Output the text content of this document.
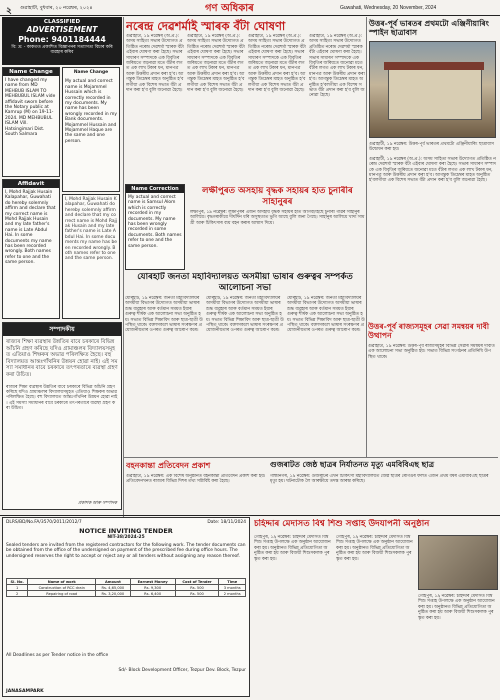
২ গুৱাহাটী, বুধবাৰ, ২০ নৱেম্বৰ, ২০২৪	গণ অধিকাৰ	Guwahati, Wednesday, 20 November, 2024
CLASSIFIED
ADVERTISEMENT
Phone: 9401184444
বি: দ্ৰ: - কাকতত প্ৰকাশিত বিজ্ঞাপনৰ সত্যাসত্য বিচাৰ কৰি ব্যৱহাৰ কৰিব
Name Change
I have changed my name from MD MEHBUB ISLAM TO MEHBUBUL ISLAM vide affidavit sworn before the Notary public at Kamrup (M) on 19-11-2024. MD MEHBUBUL ISLAM Vill. Hatsingimari Dist. South Salmara
Name Change
My actual and correct name is Mojammel Hussain which is correctly recorded in my documents. My name has been wrongly recorded in my Bank documents. Mojammel Hussain and Mojammel Haque are the same and one person.
Affidavit
I, Mohd Rajjak Husain Kalapahar, Guwahati do hereby solemnly affirm and declare that my correct name is Mohd Rajjak Husain and my late father's name is Late Abdul Hai. In some documents my name has been recorded wrongly. Both names refer to one and the same person.
I, Mohd Rajjak Husain Kalapahar, Guwahati do hereby solemnly affirm and declare that my correct name is Mohd Rajjak Husain and my late father's name is Late Abdul Hai. In some documents my name has been recorded wrongly. Both names refer to one and the same person.
সম্পাদকীয়
ৰাজ্যৰ শিক্ষা ব্যৱস্থাৰ উন্নতিৰ বাবে চৰকাৰে বিভিন্ন আঁচনি গ্ৰহণ কৰিছে যদিও গ্ৰামাঞ্চলৰ বিদ্যালয়সমূহত এতিয়াও শিক্ষকৰ অভাৱ পৰিলক্ষিত হৈছে। বহু বিদ্যালয়ত আন্তঃগাঁথনিৰ উন্নয়ন হোৱা নাই। এই সমস্যা সমাধানৰ বাবে চৰকাৰে তৎপৰতাৰে ব্যৱস্থা গ্ৰহণ কৰা উচিত।
ৰাজ্যৰ শিক্ষা ব্যৱস্থাৰ উন্নতিৰ বাবে চৰকাৰে বিভিন্ন আঁচনি গ্ৰহণ কৰিছে যদিও গ্ৰামাঞ্চলৰ বিদ্যালয়সমূহত এতিয়াও শিক্ষকৰ অভাৱ পৰিলক্ষিত হৈছে। বহু বিদ্যালয়ত আন্তঃগাঁথনিৰ উন্নয়ন হোৱা নাই। এই সমস্যা সমাধানৰ বাবে চৰকাৰে তৎপৰতাৰে ব্যৱস্থা গ্ৰহণ কৰা উচিত।
প্ৰকাশক আৰু সম্পাদক
নৰেন্দ্ৰ দেৱশৰ্মাই স্মাৰক বঁটা ঘোষণা
গুৱাহাটী, ১৯ নৱেম্বৰ (অ.প্ৰ.): অসম সাহিত্য সভাৰ উদ্যোগত প্ৰতিষ্ঠিত নৰেন্দ্ৰ দেৱশৰ্মা স্মাৰক বঁটা এইবাৰ ঘোষণা কৰা হৈছে। সভাৰ সাধাৰণ সম্পাদকে এক বিবৃতিৰ জৰিয়তে জনোৱা মতে বঁটাৰ লগত এক লাখ টকাৰ ধন, মানপত্ৰ আৰু উত্তৰীয় প্ৰদান কৰা হ'ব। আগন্তুক ডিচেম্বৰ মাহত অনুষ্ঠিত হ'বলগীয়া এক বিশেষ সভাত বঁটা প্ৰদান কৰা হ'ব বুলি জনোৱা হৈছে।
গুৱাহাটী, ১৯ নৱেম্বৰ (অ.প্ৰ.): অসম সাহিত্য সভাৰ উদ্যোগত প্ৰতিষ্ঠিত নৰেন্দ্ৰ দেৱশৰ্মা স্মাৰক বঁটা এইবাৰ ঘোষণা কৰা হৈছে। সভাৰ সাধাৰণ সম্পাদকে এক বিবৃতিৰ জৰিয়তে জনোৱা মতে বঁটাৰ লগত এক লাখ টকাৰ ধন, মানপত্ৰ আৰু উত্তৰীয় প্ৰদান কৰা হ'ব। আগন্তুক ডিচেম্বৰ মাহত অনুষ্ঠিত হ'বলগীয়া এক বিশেষ সভাত বঁটা প্ৰদান কৰা হ'ব বুলি জনোৱা হৈছে।
গুৱাহাটী, ১৯ নৱেম্বৰ (অ.প্ৰ.): অসম সাহিত্য সভাৰ উদ্যোগত প্ৰতিষ্ঠিত নৰেন্দ্ৰ দেৱশৰ্মা স্মাৰক বঁটা এইবাৰ ঘোষণা কৰা হৈছে। সভাৰ সাধাৰণ সম্পাদকে এক বিবৃতিৰ জৰিয়তে জনোৱা মতে বঁটাৰ লগত এক লাখ টকাৰ ধন, মানপত্ৰ আৰু উত্তৰীয় প্ৰদান কৰা হ'ব। আগন্তুক ডিচেম্বৰ মাহত অনুষ্ঠিত হ'বলগীয়া এক বিশেষ সভাত বঁটা প্ৰদান কৰা হ'ব বুলি জনোৱা হৈছে।
গুৱাহাটী, ১৯ নৱেম্বৰ (অ.প্ৰ.): অসম সাহিত্য সভাৰ উদ্যোগত প্ৰতিষ্ঠিত নৰেন্দ্ৰ দেৱশৰ্মা স্মাৰক বঁটা এইবাৰ ঘোষণা কৰা হৈছে। সভাৰ সাধাৰণ সম্পাদকে এক বিবৃতিৰ জৰিয়তে জনোৱা মতে বঁটাৰ লগত এক লাখ টকাৰ ধন, মানপত্ৰ আৰু উত্তৰীয় প্ৰদান কৰা হ'ব। আগন্তুক ডিচেম্বৰ মাহত অনুষ্ঠিত হ'বলগীয়া এক বিশেষ সভাত বঁটা প্ৰদান কৰা হ'ব বুলি জনোৱা হৈছে।
উত্তৰ-পূৰ্ব ভাৰতৰ প্ৰথমটো এঞ্জিনীয়াৰিং স্পাইন ছাত্ৰাবাস
গুৱাহাটী, ১৯ নৱেম্বৰ: উত্তৰ-পূৰ্ব ভাৰতৰ প্ৰথমটো এঞ্জিনীয়াৰিং ছাত্ৰাবাস উদ্বোধন কৰা হয়।
গুৱাহাটী, ১৯ নৱেম্বৰ (অ.প্ৰ.): অসম সাহিত্য সভাৰ উদ্যোগত প্ৰতিষ্ঠিত নৰেন্দ্ৰ দেৱশৰ্মা স্মাৰক বঁটা এইবাৰ ঘোষণা কৰা হৈছে। সভাৰ সাধাৰণ সম্পাদকে এক বিবৃতিৰ জৰিয়তে জনোৱা মতে বঁটাৰ লগত এক লাখ টকাৰ ধন, মানপত্ৰ আৰু উত্তৰীয় প্ৰদান কৰা হ'ব। আগন্তুক ডিচেম্বৰ মাহত অনুষ্ঠিত হ'বলগীয়া এক বিশেষ সভাত বঁটা প্ৰদান কৰা হ'ব বুলি জনোৱা হৈছে।
Name Correction
My actual and correct name is Samsul Alom which is correctly recorded in my documents. My name has been wrongly recorded in some documents. Both names refer to one and the same person.
লক্ষীপুৰত অসহায় বৃদ্ধক সহায়ৰ হাত চুনাৰীৰ সাহানুৰৰ
লক্ষীপুৰ, ১৯ নৱেম্বৰ: লক্ষীপুৰৰ এজন অসহায় বৃদ্ধক সহায়ৰ হাত আগবঢ়াইছে চুনাৰী গাঁৱৰ সাহানুৰ আলিয়ে। বৃদ্ধগৰাকীয়ে দীৰ্ঘদিন ধৰি অসুস্থতাত ভুগি আছে বুলি জনা গৈছে। সাহানুৰ আলিয়ে খাদ্য সামগ্ৰী আৰু চিকিৎসাৰ ব্যয় বহন কৰাৰ আশ্বাস দিয়ে।
যোৰহাট জনতা মহাবিদ্যালয়ত অসমীয়া ভাষাৰ গুৰুত্বৰ সম্পৰ্কত আলোচনা সভা
যোৰহাট, ১৯ নৱেম্বৰ: জনতা মহাবিদ্যালয়ৰ অসমীয়া বিভাগৰ উদ্যোগত অসমীয়া ভাষাৰ শুদ্ধ ব্যৱহাৰ আৰু বৰ্তমান সময়ত ইয়াৰ গুৰুত্ব শীৰ্ষক এক আলোচনা সভা অনুষ্ঠিত হয়। সভাত বিভিন্ন শিক্ষাবিদ আৰু ছাত্ৰ-ছাত্ৰী উপস্থিত থাকে। বক্তাসকলে ভাষাৰ সংৰক্ষণৰ প্ৰয়োজনীয়তাৰ ওপৰত গুৰুত্ব আৰোপ কৰে।
যোৰহাট, ১৯ নৱেম্বৰ: জনতা মহাবিদ্যালয়ৰ অসমীয়া বিভাগৰ উদ্যোগত অসমীয়া ভাষাৰ শুদ্ধ ব্যৱহাৰ আৰু বৰ্তমান সময়ত ইয়াৰ গুৰুত্ব শীৰ্ষক এক আলোচনা সভা অনুষ্ঠিত হয়। সভাত বিভিন্ন শিক্ষাবিদ আৰু ছাত্ৰ-ছাত্ৰী উপস্থিত থাকে। বক্তাসকলে ভাষাৰ সংৰক্ষণৰ প্ৰয়োজনীয়তাৰ ওপৰত গুৰুত্ব আৰোপ কৰে।
যোৰহাট, ১৯ নৱেম্বৰ: জনতা মহাবিদ্যালয়ৰ অসমীয়া বিভাগৰ উদ্যোগত অসমীয়া ভাষাৰ শুদ্ধ ব্যৱহাৰ আৰু বৰ্তমান সময়ত ইয়াৰ গুৰুত্ব শীৰ্ষক এক আলোচনা সভা অনুষ্ঠিত হয়। সভাত বিভিন্ন শিক্ষাবিদ আৰু ছাত্ৰ-ছাত্ৰী উপস্থিত থাকে। বক্তাসকলে ভাষাৰ সংৰক্ষণৰ প্ৰয়োজনীয়তাৰ ওপৰত গুৰুত্ব আৰোপ কৰে। উত্তৰ-পূৰ্ব ৰাজ্যসমূহৰ সেৱা সমন্বয়ৰ দাবী উত্থাপন
গুৱাহাটী, ১৯ নৱেম্বৰ: উত্তৰ-পূৰ্ব ৰাজ্যসমূহৰ বিভিন্ন সেৱাৰ সমন্বয়ৰ দাবীত এক আলোচনা সভা অনুষ্ঠিত হয়। সভাত বিভিন্ন সংগঠনৰ প্ৰতিনিধি উপস্থিত থাকে।
বহনকান্তা প্ৰতিবেদন প্ৰকাশ
গুৱাহাটী, ১৯ নৱেম্বৰ: এক বিশেষ অনুষ্ঠানত বহনকান্তা প্ৰতিবেদন প্ৰকাশ কৰা হয়। প্ৰতিবেদনখনত ৰাজ্যৰ বিভিন্ন দিশৰ তথ্য সন্নিবিষ্ট কৰা হৈছে।
গুজৰাটত জেষ্ঠ ছাত্ৰৰ নিৰ্যাতনত মৃত্যু এমবিবিএছ ছাত্ৰ
গান্ধীনগৰ, ১৯ নৱেম্বৰ: গুজৰাটৰ এখন চিকিৎসা মহাবিদ্যালয়ত জেষ্ঠ ছাত্ৰৰ ৰেগিঙৰ ফলত এজন প্ৰথম বৰ্ষৰ এমবিবিএছ ছাত্ৰৰ মৃত্যু হয়। ঘটনাটোক লৈ আৰক্ষীয়ে তদন্ত আৰম্ভ কৰিছে।
DLRS/BD/No.FA/3570/2011/2012/7	Date: 18/11/2024
NOTICE INVITING TENDER
NIT-38/2024-25
Sealed tenders are invited from the registered contractors for the following work. The tender documents can be obtained from the office of the undersigned on payment of the prescribed fee during office hours. The undersigned reserves the right to accept or reject any or all tenders without assigning any reason thereof.
Sl. No.	Name of work	Amount	Earnest Money	Cost of Tender	Time
1	Construction of RCC drain	Rs. 4,65,000	Rs. 9,300	Rs. 500	3 months
2	Repairing of road	Rs. 3,20,000	Rs. 6,400	Rs. 500	2 months
All Deadlines as per Tender notice in the office
Sd/- Block Development Officer, Tezpur Dev. Block, Tezpur
JANASAMPARK
চহিদ্দাৰ মেদাসত বিশ্ব শিশু সপ্তাহ উদযাপনী অনুষ্ঠান
গোহপুৰ, ১৯ নৱেম্বৰ: চহিদ্দাৰ মেদাসত বিশ্ব শিশু সপ্তাহ উপলক্ষে এক অনুষ্ঠান আয়োজন কৰা হয়। অনুষ্ঠানত বিভিন্ন প্ৰতিযোগিতা অনুষ্ঠিত কৰা হয় আৰু বিজয়ী শিশুসকলক পুৰস্কৃত কৰা হয়।
গোহপুৰ, ১৯ নৱেম্বৰ: চহিদ্দাৰ মেদাসত বিশ্ব শিশু সপ্তাহ উপলক্ষে এক অনুষ্ঠান আয়োজন কৰা হয়। অনুষ্ঠানত বিভিন্ন প্ৰতিযোগিতা অনুষ্ঠিত কৰা হয় আৰু বিজয়ী শিশুসকলক পুৰস্কৃত কৰা হয়।
গোহপুৰ, ১৯ নৱেম্বৰ: চহিদ্দাৰ মেদাসত বিশ্ব শিশু সপ্তাহ উপলক্ষে এক অনুষ্ঠান আয়োজন কৰা হয়। অনুষ্ঠানত বিভিন্ন প্ৰতিযোগিতা অনুষ্ঠিত কৰা হয় আৰু বিজয়ী শিশুসকলক পুৰস্কৃত কৰা হয়।
